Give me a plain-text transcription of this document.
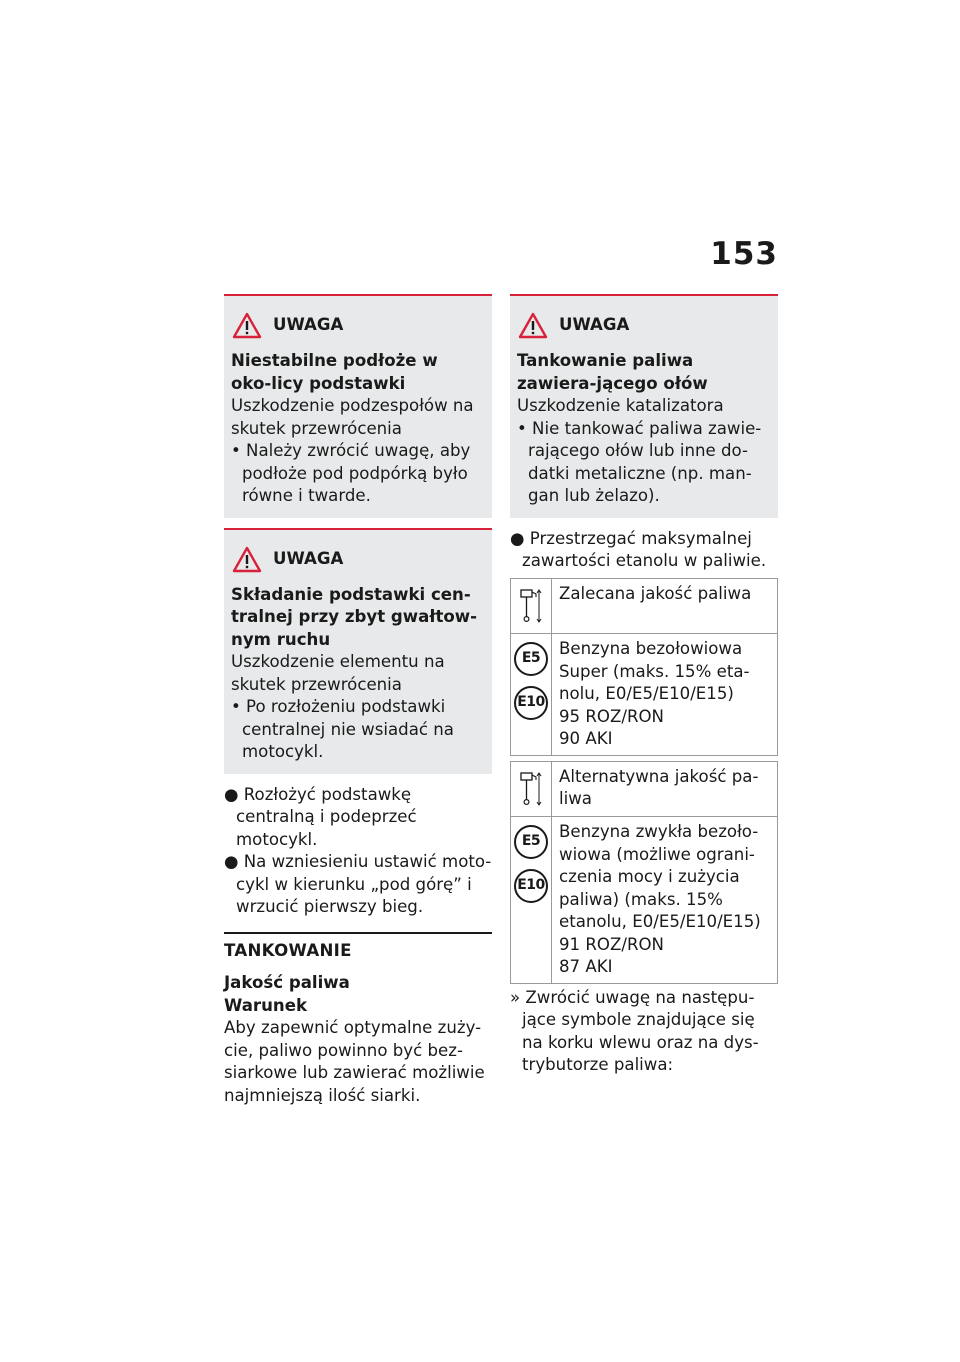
153
UWAGA
Niestabilne podłoże w oko-licy podstawki
Uszkodzenie podzespołów na skutek przewrócenia
• Należy zwrócić uwagę, aby podłoże pod podpórką było równe i twarde.
UWAGA
Składanie podstawki cen-tralnej przy zbyt gwałtow-nym ruchu
Uszkodzenie elementu na skutek przewrócenia
• Po rozłożeniu podstawki centralnej nie wsiadać na motocykl.
● Rozłożyć podstawkę centralną i podeprzeć motocykl.
● Na wzniesieniu ustawić moto-cykl w kierunku „pod górę” i wrzucić pierwszy bieg.
TANKOWANIE
Jakość paliwa
Warunek
Aby zapewnić optymalne zuży-cie, paliwo powinno być bez-siarkowe lub zawierać możliwie najmniejszą ilość siarki.
UWAGA
Tankowanie paliwa zawiera-jącego ołów
Uszkodzenie katalizatora
• Nie tankować paliwa zawie-rającego ołów lub inne do-datki metaliczne (np. man-gan lub żelazo).
● Przestrzegać maksymalnej zawartości etanolu w paliwie.
	Zalecana jakość paliwa
E5 E10	Benzyna bezołowiowa Super (maks. 15% eta-nolu, E0/E5/E10/E15)
95 ROZ/RON
90 AKI
	Alternatywna jakość pa-liwa
E5 E10	Benzyna zwykła bezoło-wiowa (możliwe ograni-czenia mocy i zużycia paliwa) (maks. 15% etanolu, E0/E5/E10/E15)
91 ROZ/RON
87 AKI
» Zwrócić uwagę na następu-jące symbole znajdujące się na korku wlewu oraz na dys-trybutorze paliwa:
